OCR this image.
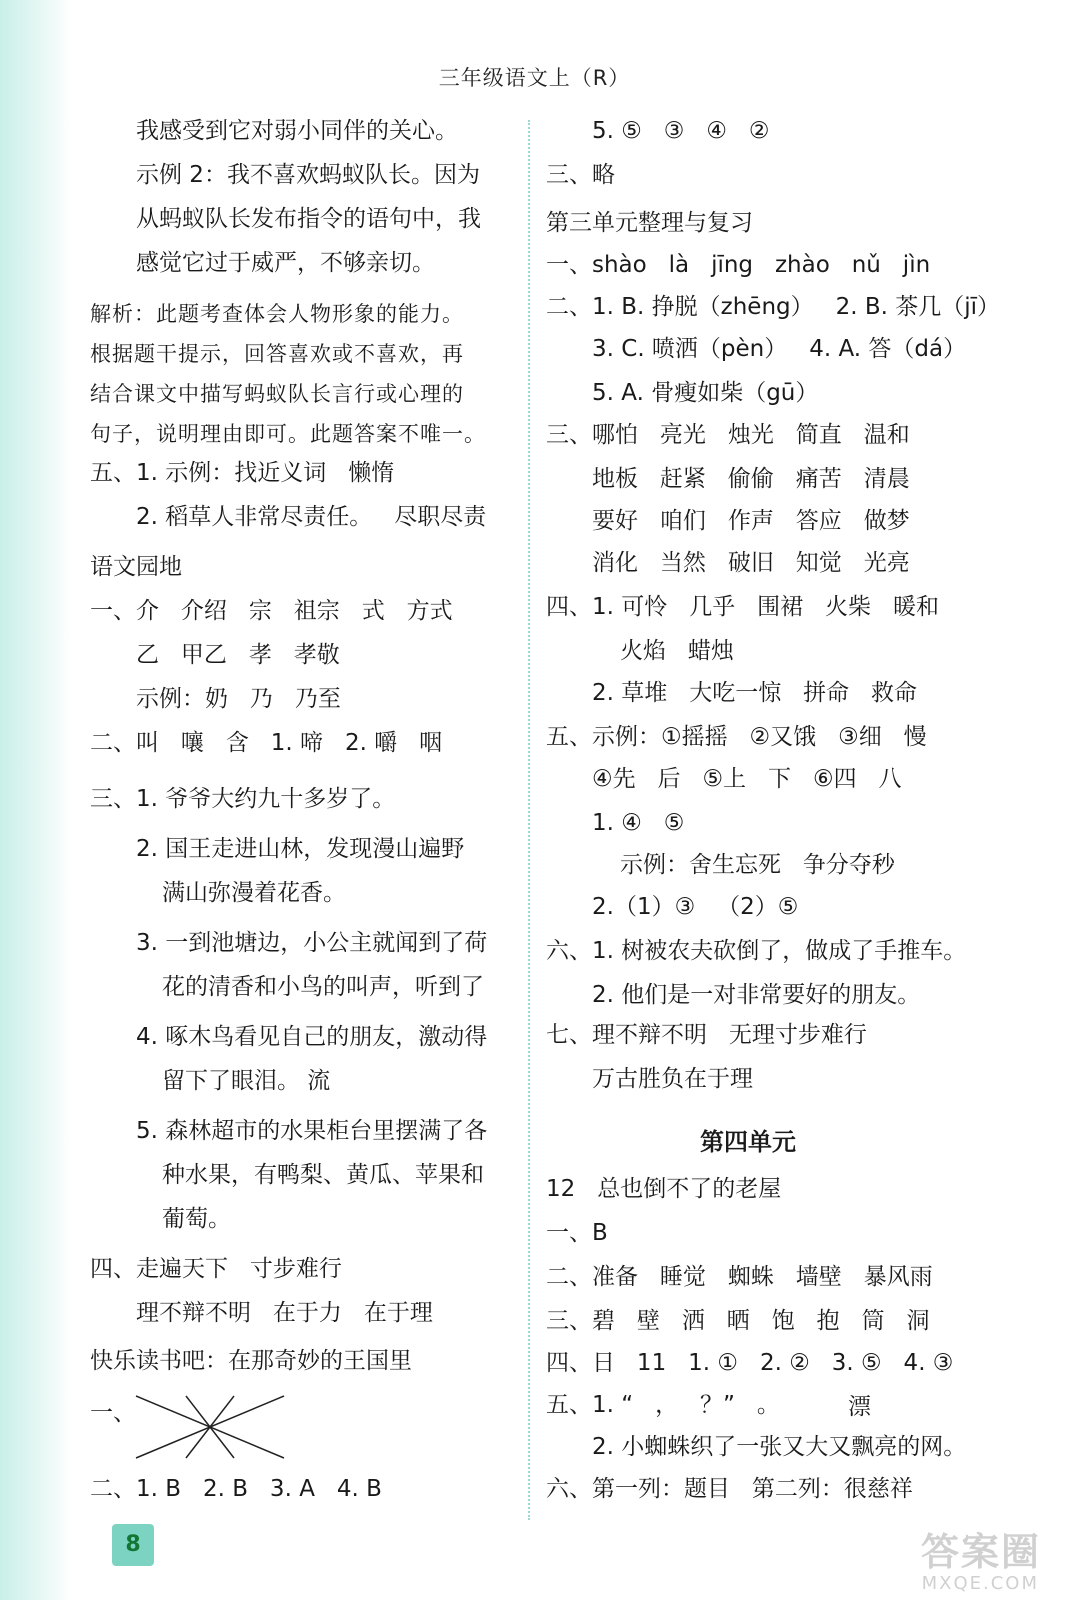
三年级语文上（R）
我感受到它对弱小同伴的关心。
示例 2：我不喜欢蚂蚁队长。因为
从蚂蚁队长发布指令的语句中，我
感觉它过于威严，不够亲切。
解析：此题考查体会人物形象的能力。
根据题干提示，回答喜欢或不喜欢，再
结合课文中描写蚂蚁队长言行或心理的
句子，说明理由即可。此题答案不唯一。
五、1. 示例：找近义词   懒惰
2. 稻草人非常尽责任。   尽职尽责
语文园地
一、介   介绍   宗   祖宗   式   方式
乙   甲乙   孝   孝敬
示例：奶   乃   乃至
二、叫   嚷   含   1. 啼   2. 嚼   咽
三、1. 爷爷大约九十多岁了。
2. 国王走进山林，发现漫山遍野
满山弥漫着花香。
3. 一到池塘边，小公主就闻到了荷
花的清香和小鸟的叫声，听到了
4. 啄木鸟看见自己的朋友，激动得
留下了眼泪。 流
5. 森林超市的水果柜台里摆满了各
种水果，有鸭梨、黄瓜、苹果和
葡萄。
四、走遍天下   寸步难行
理不辩不明   在于力   在于理
快乐读书吧：在那奇妙的王国里
一、
二、1. B   2. B   3. A   4. B
5. ⑤   ③   ④   ②
三、略
第三单元整理与复习
一、shào   là   jīng   zhào   nǔ   jìn
二、1. B. 挣脱（zhēng）   2. B. 茶几（jī）
3. C. 喷洒（pèn）   4. A. 答（dá）
5. A. 骨瘦如柴（gū）
三、哪怕   亮光   烛光   简直   温和
地板   赶紧   偷偷   痛苦   清晨
要好   咱们   作声   答应   做梦
消化   当然   破旧   知觉   光亮
四、1. 可怜   几乎   围裙   火柴   暖和
火焰   蜡烛
2. 草堆   大吃一惊   拼命   救命
五、示例：①摇摇   ②又饿   ③细   慢
④先   后   ⑤上   下   ⑥四   八
1. ④   ⑤
示例：舍生忘死   争分夺秒
2.（1）③   （2）⑤
六、1. 树被农夫砍倒了，做成了手推车。
2. 他们是一对非常要好的朋友。
七、理不辩不明   无理寸步难行
万古胜负在于理
第四单元
12   总也倒不了的老屋
一、B
二、准备   睡觉   蜘蛛   墙壁   暴风雨
三、碧   壁   洒   晒   饱   抱   筒   洞
四、日   11   1. ①   2. ②   3. ⑤   4. ③
五、1. “   ，   ？”   。	漂
2. 小蜘蛛织了一张又大又飘亮的网。
六、第一列：题目   第二列：很慈祥
8	答案圈
MXQE.COM
